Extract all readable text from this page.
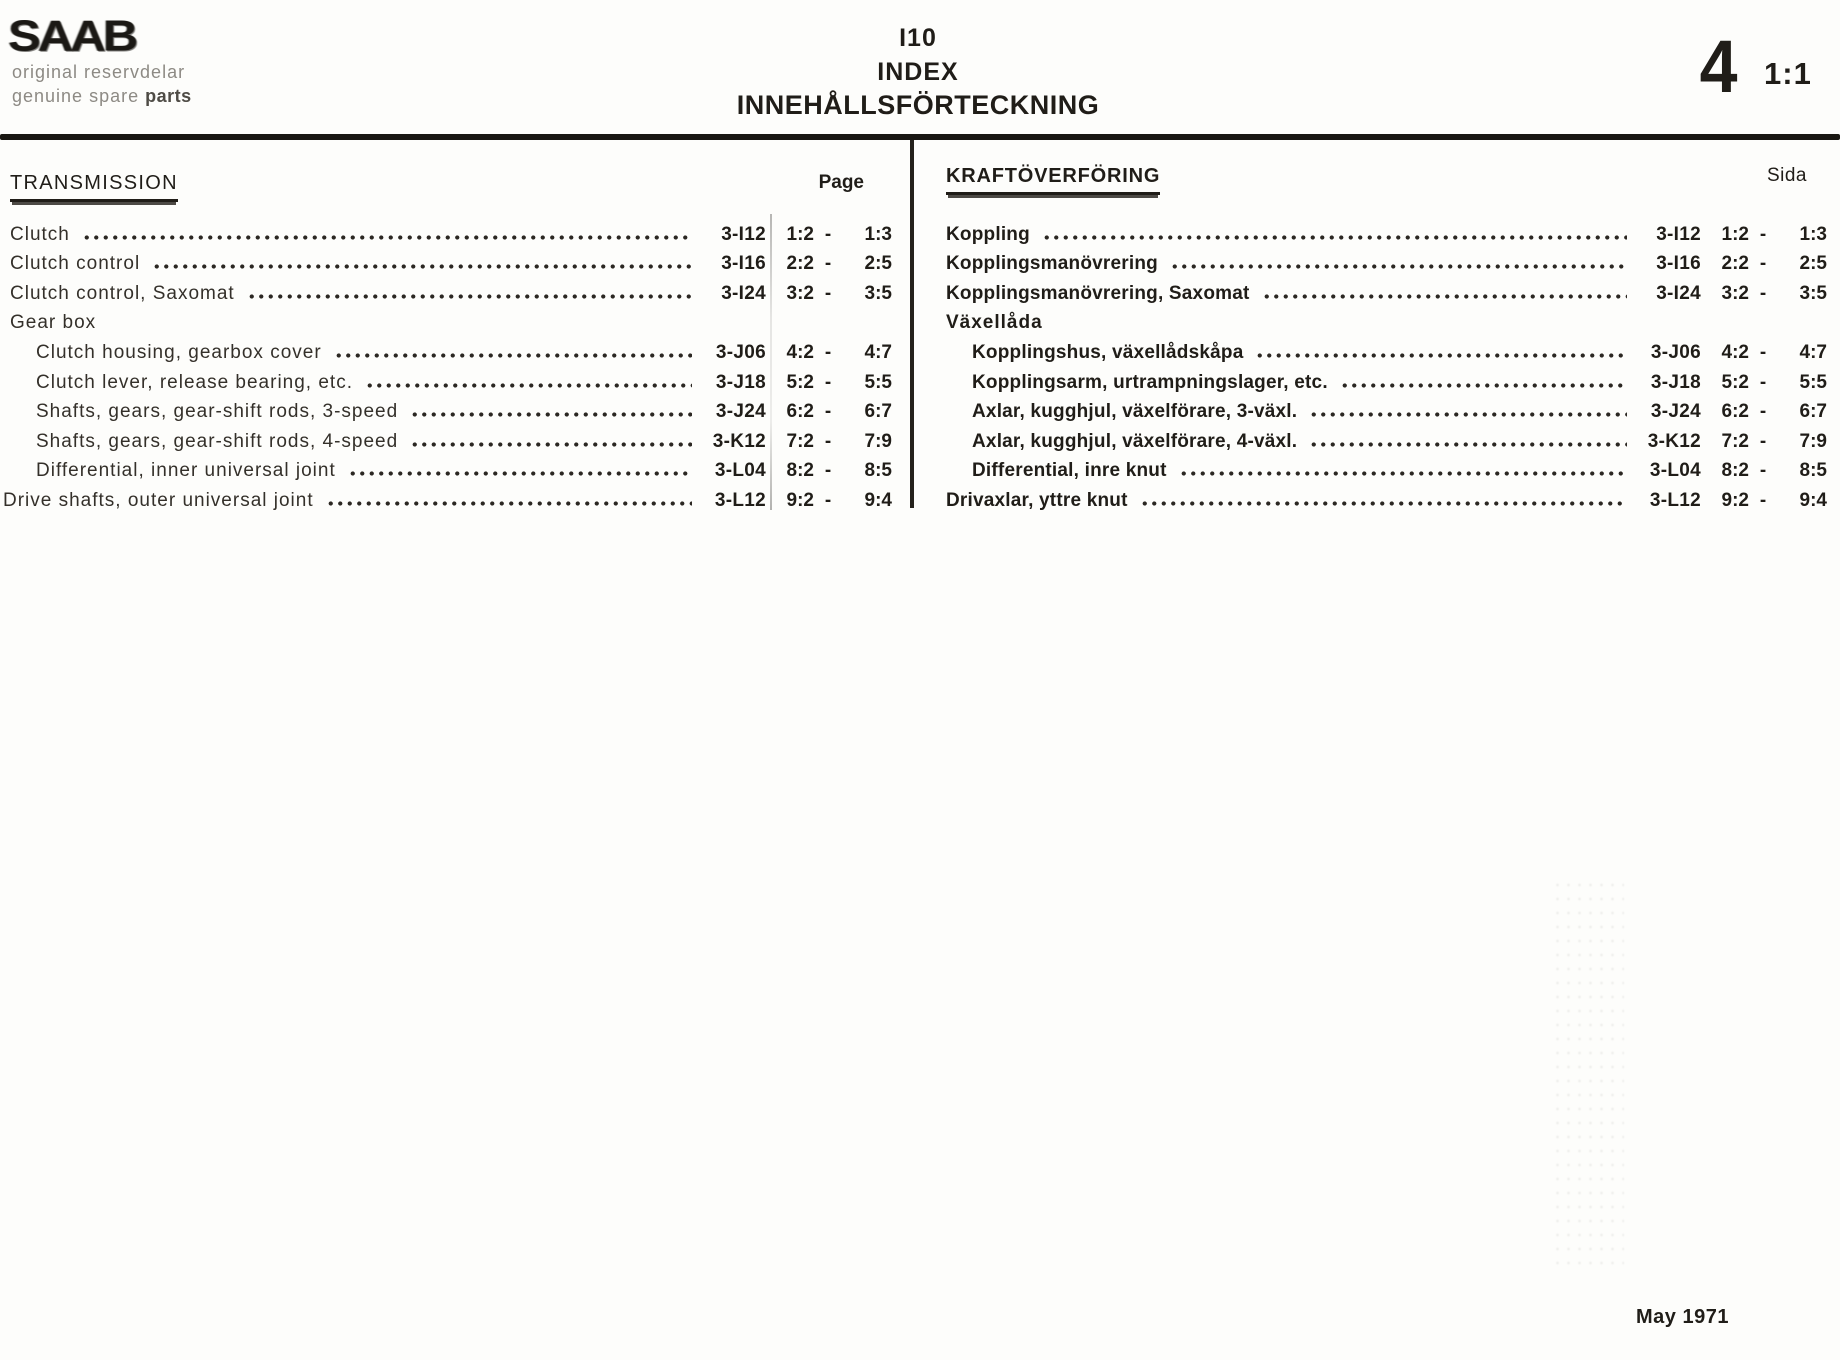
SAAB
original reservdelar
genuine spare parts
I10
INDEX
INNEHÅLLSFÖRTECKNING	4 1:1
TRANSMISSION	Page
Clutch	3-I12	1:2 -	1:3
Clutch control	3-I16	2:2 -	2:5
Clutch control, Saxomat	3-I24	3:2 -	3:5
Gear box
Clutch housing, gearbox cover	3-J06	4:2 -	4:7
Clutch lever, release bearing, etc.	3-J18	5:2 -	5:5
Shafts, gears, gear-shift rods, 3-speed	3-J24	6:2 -	6:7
Shafts, gears, gear-shift rods, 4-speed	3-K12	7:2 -	7:9
Differential, inner universal joint	3-L04	8:2 -	8:5
Drive shafts, outer universal joint	3-L12	9:2 -	9:4
KRAFTÖVERFÖRING	Sida
Koppling	3-I12	1:2 -	1:3
Kopplingsmanövrering	3-I16	2:2 -	2:5
Kopplingsmanövrering, Saxomat	3-I24	3:2 -	3:5
Växellåda
Kopplingshus, växellådskåpa	3-J06	4:2 -	4:7
Kopplingsarm, urtrampningslager, etc.	3-J18	5:2 -	5:5
Axlar, kugghjul, växelförare, 3-växl.	3-J24	6:2 -	6:7
Axlar, kugghjul, växelförare, 4-växl.	3-K12	7:2 -	7:9
Differential, inre knut	3-L04	8:2 -	8:5
Drivaxlar, yttre knut	3-L12	9:2 -	9:4
May 1971
